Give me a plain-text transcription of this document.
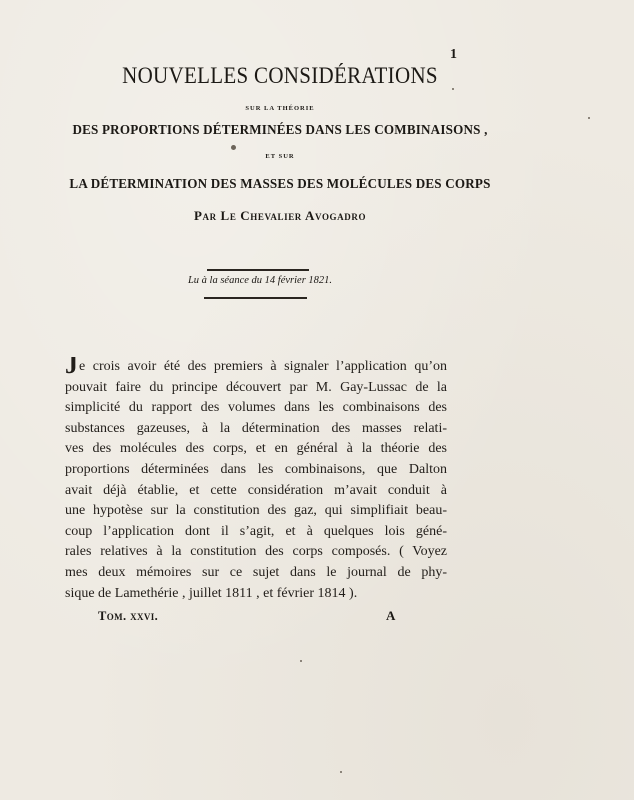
1
NOUVELLES CONSIDÉRATIONS
SUR LA THÉORIE
DES PROPORTIONS DÉTERMINÉES DANS LES COMBINAISONS ,
ET SUR
LA DÉTERMINATION DES MASSES DES MOLÉCULES DES CORPS
Par Le Chevalier Avogadro
Lu à la séance du 14 février 1821.
Je crois avoir été des premiers à signaler l’application qu’on
pouvait faire du principe découvert par M. Gay-Lussac de la
simplicité du rapport des volumes dans les combinaisons des
substances gazeuses, à la détermination des masses relati-
ves des molécules des corps, et en général à la théorie des
proportions déterminées dans les combinaisons, que Dalton
avait déjà établie, et cette considération m’avait conduit à
une hypotèse sur la constitution des gaz, qui simplifiait beau-
coup l’application dont il s’agit, et à quelques lois géné-
rales relatives à la constitution des corps composés. ( Voyez
mes deux mémoires sur ce sujet dans le journal de phy-
sique de Lamethérie , juillet 1811 , et février 1814 ).
Tom. xxvi.	A
